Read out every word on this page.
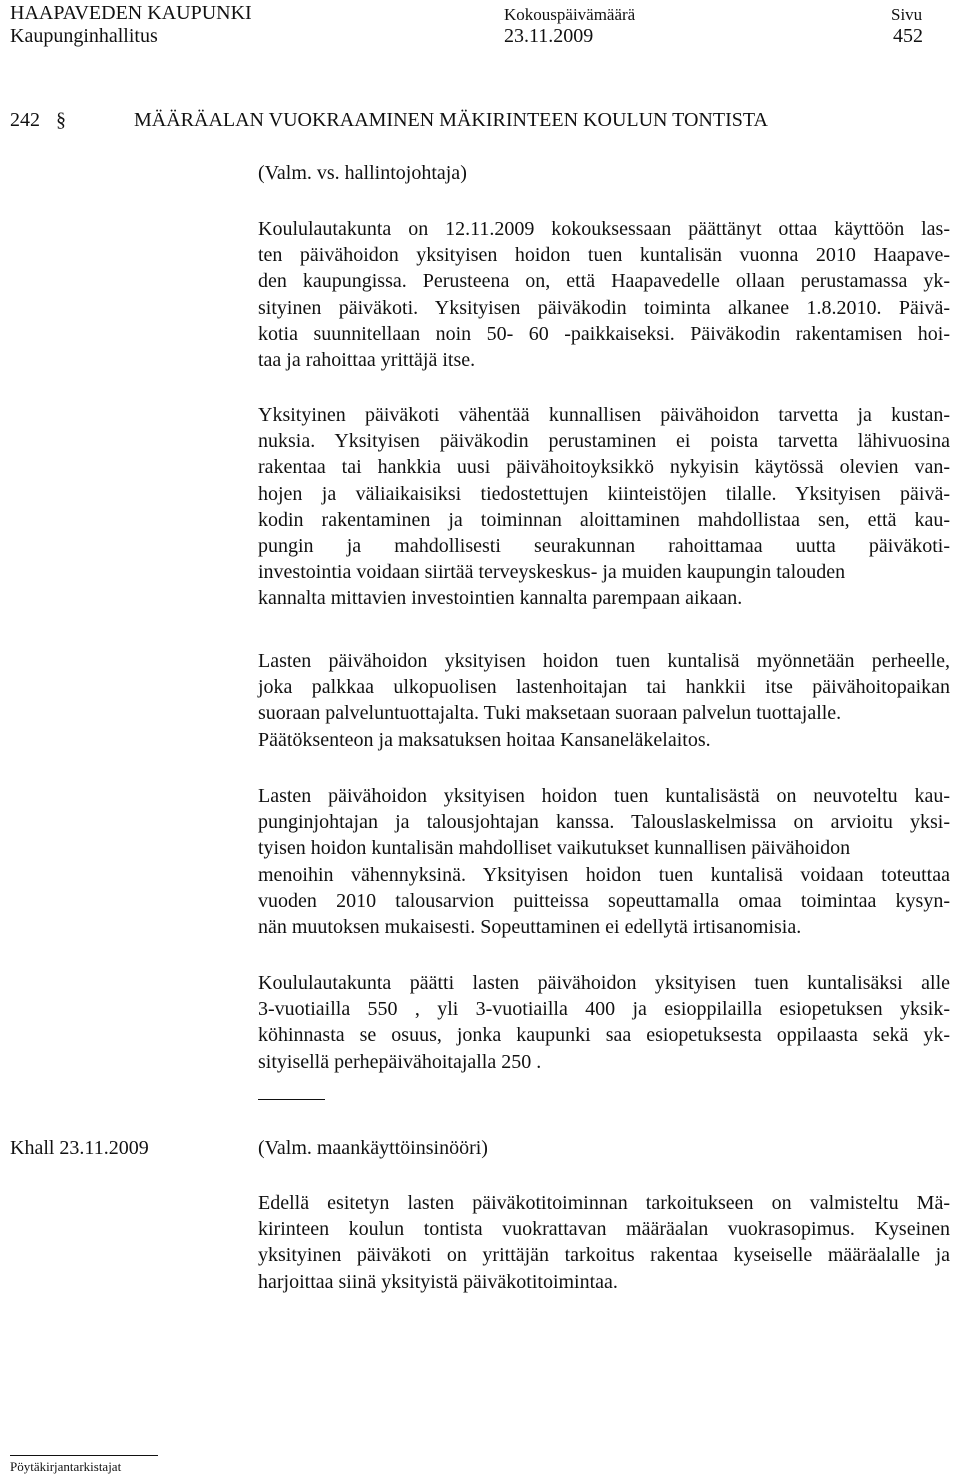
HAAPAVEDEN KAUPUNKI
Kaupunginhallitus
Kokouspäivämäärä
23.11.2009
Sivu
452
242 §	MÄÄRÄALAN VUOKRAAMINEN MÄKIRINTEEN KOULUN TONTISTA
(Valm. vs. hallintojohtaja)
Koululautakunta on 12.11.2009 kokouksessaan päättänyt ottaa käyttöön las-
ten päivähoidon yksityisen hoidon tuen kuntalisän vuonna 2010 Haapave-
den kaupungissa. Perusteena on, että Haapavedelle ollaan perustamassa yk-
sityinen päiväkoti. Yksityisen päiväkodin toiminta alkanee 1.8.2010. Päivä-
kotia suunnitellaan noin 50- 60 -paikkaiseksi. Päiväkodin rakentamisen hoi-
taa ja rahoittaa yrittäjä itse.
Yksityinen päiväkoti vähentää kunnallisen päivähoidon tarvetta ja kustan-
nuksia. Yksityisen päiväkodin perustaminen ei poista tarvetta lähivuosina
rakentaa tai hankkia uusi päivähoitoyksikkö nykyisin käytössä olevien van-
hojen ja väliaikaisiksi tiedostettujen kiinteistöjen tilalle. Yksityisen päivä-
kodin rakentaminen ja toiminnan aloittaminen mahdollistaa sen, että kau-
pungin ja mahdollisesti seurakunnan rahoittamaa uutta päiväkoti-
investointia voidaan siirtää terveyskeskus- ja muiden kaupungin talouden
kannalta mittavien investointien kannalta parempaan aikaan.
Lasten päivähoidon yksityisen hoidon tuen kuntalisä myönnetään perheelle,
joka palkkaa ulkopuolisen lastenhoitajan tai hankkii itse päivähoitopaikan
suoraan palveluntuottajalta. Tuki maksetaan suoraan palvelun tuottajalle.
Päätöksenteon ja maksatuksen hoitaa Kansaneläkelaitos.
Lasten päivähoidon yksityisen hoidon tuen kuntalisästä on neuvoteltu kau-
punginjohtajan ja talousjohtajan kanssa. Talouslaskelmissa on arvioitu yksi-
tyisen hoidon kuntalisän mahdolliset vaikutukset kunnallisen päivähoidon
menoihin vähennyksinä. Yksityisen hoidon tuen kuntalisä voidaan toteuttaa
vuoden 2010 talousarvion puitteissa sopeuttamalla omaa toimintaa kysyn-
nän muutoksen mukaisesti. Sopeuttaminen ei edellytä irtisanomisia.
Koululautakunta päätti lasten päivähoidon yksityisen tuen kuntalisäksi alle
3-vuotiailla 550 , yli 3-vuotiailla 400 ja esioppilailla esiopetuksen yksik-
köhinnasta se osuus, jonka kaupunki saa esiopetuksesta oppilaasta sekä yk-
sityisellä perhepäivähoitajalla 250 .
Khall 23.11.2009	(Valm. maankäyttöinsinööri)
Edellä esitetyn lasten päiväkotitoiminnan tarkoitukseen on valmisteltu Mä-
kirinteen koulun tontista vuokrattavan määräalan vuokrasopimus. Kyseinen
yksityinen päiväkoti on yrittäjän tarkoitus rakentaa kyseiselle määräalalle ja
harjoittaa siinä yksityistä päiväkotitoimintaa.
Pöytäkirjantarkistajat
